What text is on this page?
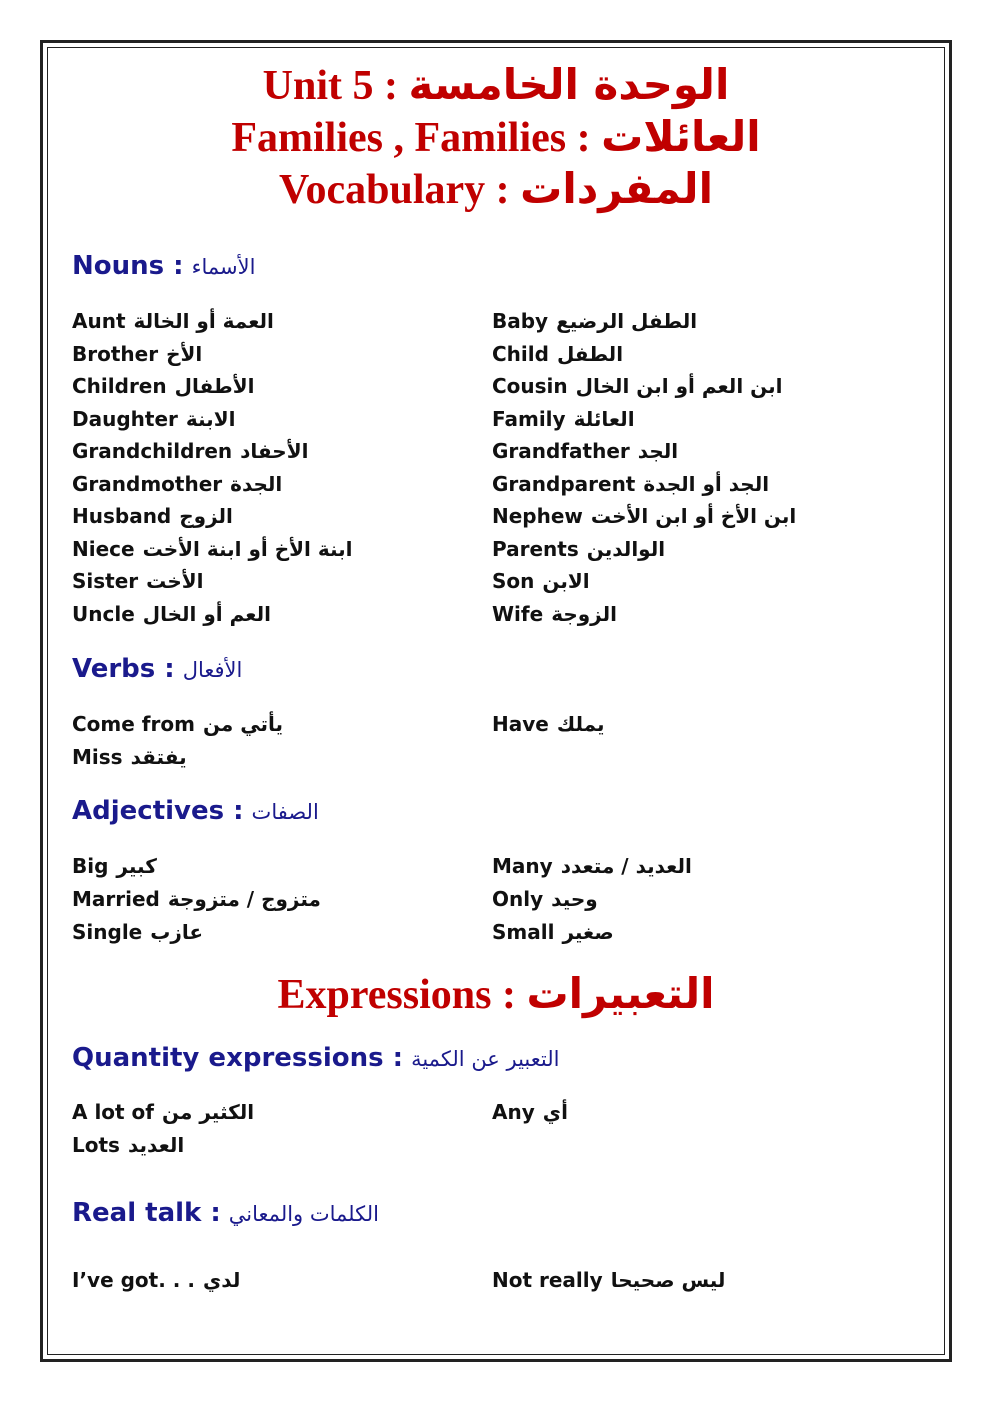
Unit 5 : الوحدة الخامسة
Families , Families : العائلات
Vocabulary : المفردات
Nouns : الأسماء
Aunt العمة أو الخالة
Brother الأخ
Children الأطفال
Daughter الابنة
Grandchildren الأحفاد
Grandmother الجدة
Husband الزوج
Niece ابنة الأخ أو ابنة الأخت
Sister الأخت
Uncle العم أو الخال
Baby الطفل الرضيع
Child الطفل
Cousin ابن العم أو ابن الخال
Family العائلة
Grandfather الجد
Grandparent الجد أو الجدة
Nephew ابن الأخ أو ابن الأخت
Parents الوالدين
Son الابن
Wife الزوجة
Verbs : الأفعال
Come from يأتي من
Miss يفتقد
Have يملك
Adjectives : الصفات
Big كبير
Married متزوج / متزوجة
Single عازب
Many العديد / متعدد
Only وحيد
Small صغير
Expressions : التعبيرات
Quantity expressions : التعبير عن الكمية
A lot of الكثير من
Lots العديد
Any أي
Real talk : الكلمات والمعاني
I’ve got. . . لدي	Not really ليس صحيحا
